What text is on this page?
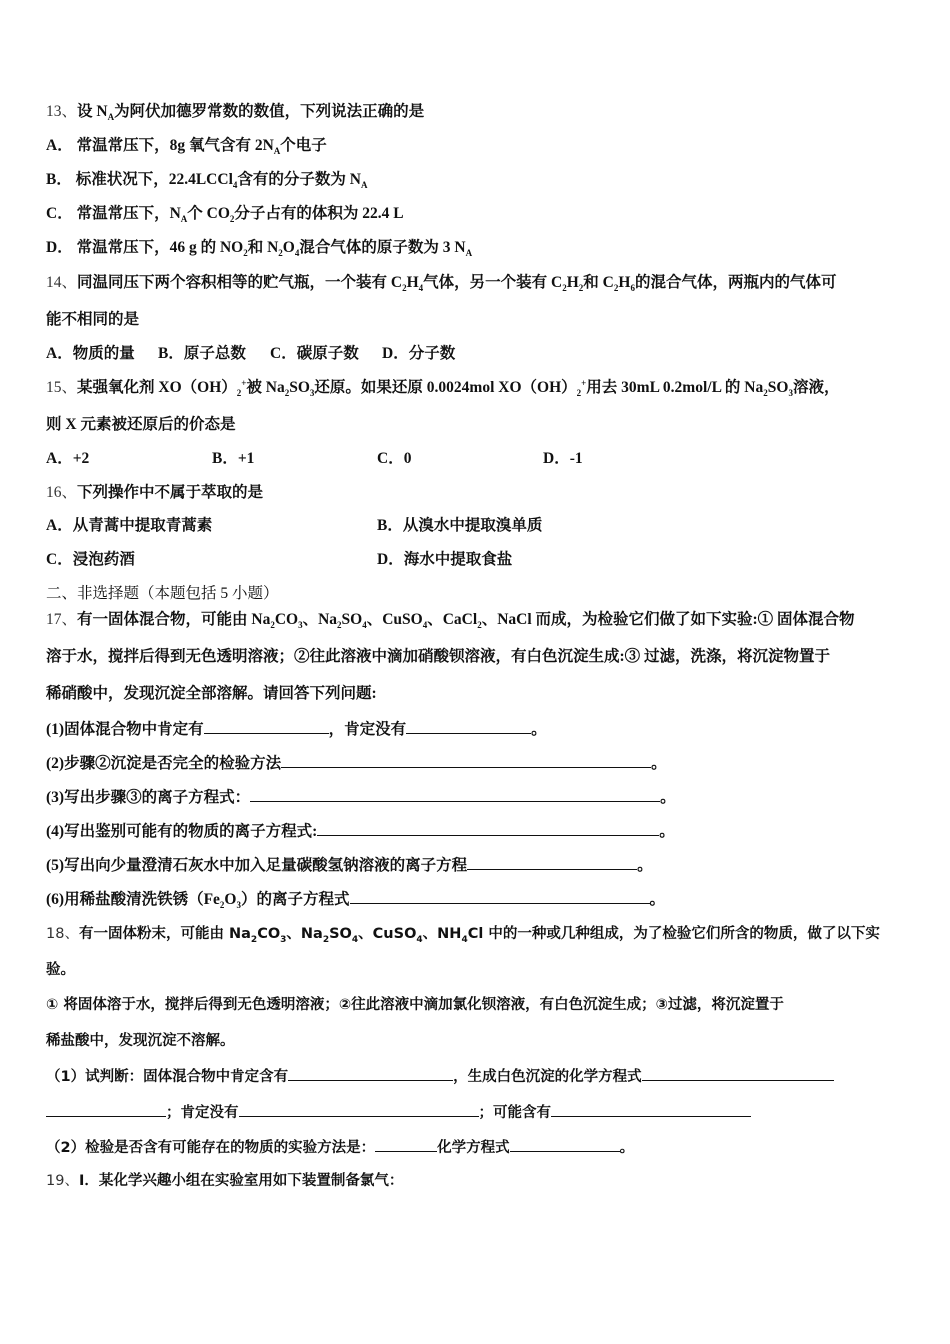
13、设 $N_A$为阿伏加德罗常数的数值，下列说法正确的是
A． 常温常压下，8g 氧气含有 $2N_A$个电子
B． 标准状况下，22.4LCCl$_4$含有的分子数为 $N_A$
C． 常温常压下，$N_A$个 $CO_2$分子占有的体积为 22.4 L
D． 常温常压下，46 g 的 $NO_2$和 $N_2O_4$混合气体的原子数为 3 $N_A$
14、同温同压下两个容积相等的贮气瓶，一个装有 $C_2H_4$气体，另一个装有 $C_2H_2$和 $C_2H_6$的混合气体，两瓶内的气体可
能不相同的是
A．物质的量 B．原子总数 C．碳原子数 D．分子数
15、某强氧化剂 $XO(OH)_2^+$被 $Na_2SO_3$还原。如果还原 0.0024mol $XO(OH)_2^+$用去 30mL 0.2mol/L 的 $Na_2SO_3$溶液，
则 X 元素被还原后的价态是
A．+2	B．+1	C．0	D．-1
16、下列操作中不属于萃取的是
A．从青蒿中提取青蒿素	B．从溴水中提取溴单质
C．浸泡药酒	D．海水中提取食盐
二、非选择题（本题包括 5 小题）
17、有一固体混合物，可能由 $Na_2CO_3$、$Na_2SO_4$、CuSO$_4$、CaCl$_2$、NaCl 而成，为检验它们做了如下实验:① 固体混合物
溶于水，搅拌后得到无色透明溶液；②往此溶液中滴加硝酸钡溶液，有白色沉淀生成:③ 过滤，洗涤，将沉淀物置于
稀硝酸中，发现沉淀全部溶解。请回答下列问题:
(1)固体混合物中肯定有	，肯定没有	。
(2)步骤②沉淀是否完全的检验方法	。
(3)写出步骤③的离子方程式：	。
(4)写出鉴别可能有的物质的离子方程式:	。
(5)写出向少量澄清石灰水中加入足量碳酸氢钠溶液的离子方程	。
(6)用稀盐酸清洗铁锈$(Fe_2O_3)$的离子方程式	。
18、有一固体粉末，可能由 $Na_2CO_3$、$Na_2SO_4$、CuSO$_4$、$NH_4Cl$ 中的一种或几种组成，为了检验它们所含的物质，做了以下实
验。
① 将固体溶于水，搅拌后得到无色透明溶液；②往此溶液中滴加氯化钡溶液，有白色沉淀生成；③过滤，将沉淀置于
稀盐酸中，发现沉淀不溶解。
（1）试判断：固体混合物中肯定含有	，生成白色沉淀的化学方程式
；肯定没有	；可能含有
（2）检验是否含有可能存在的物质的实验方法是：	化学方程式	。
19、Ⅰ．某化学兴趣小组在实验室用如下装置制备氯气：
